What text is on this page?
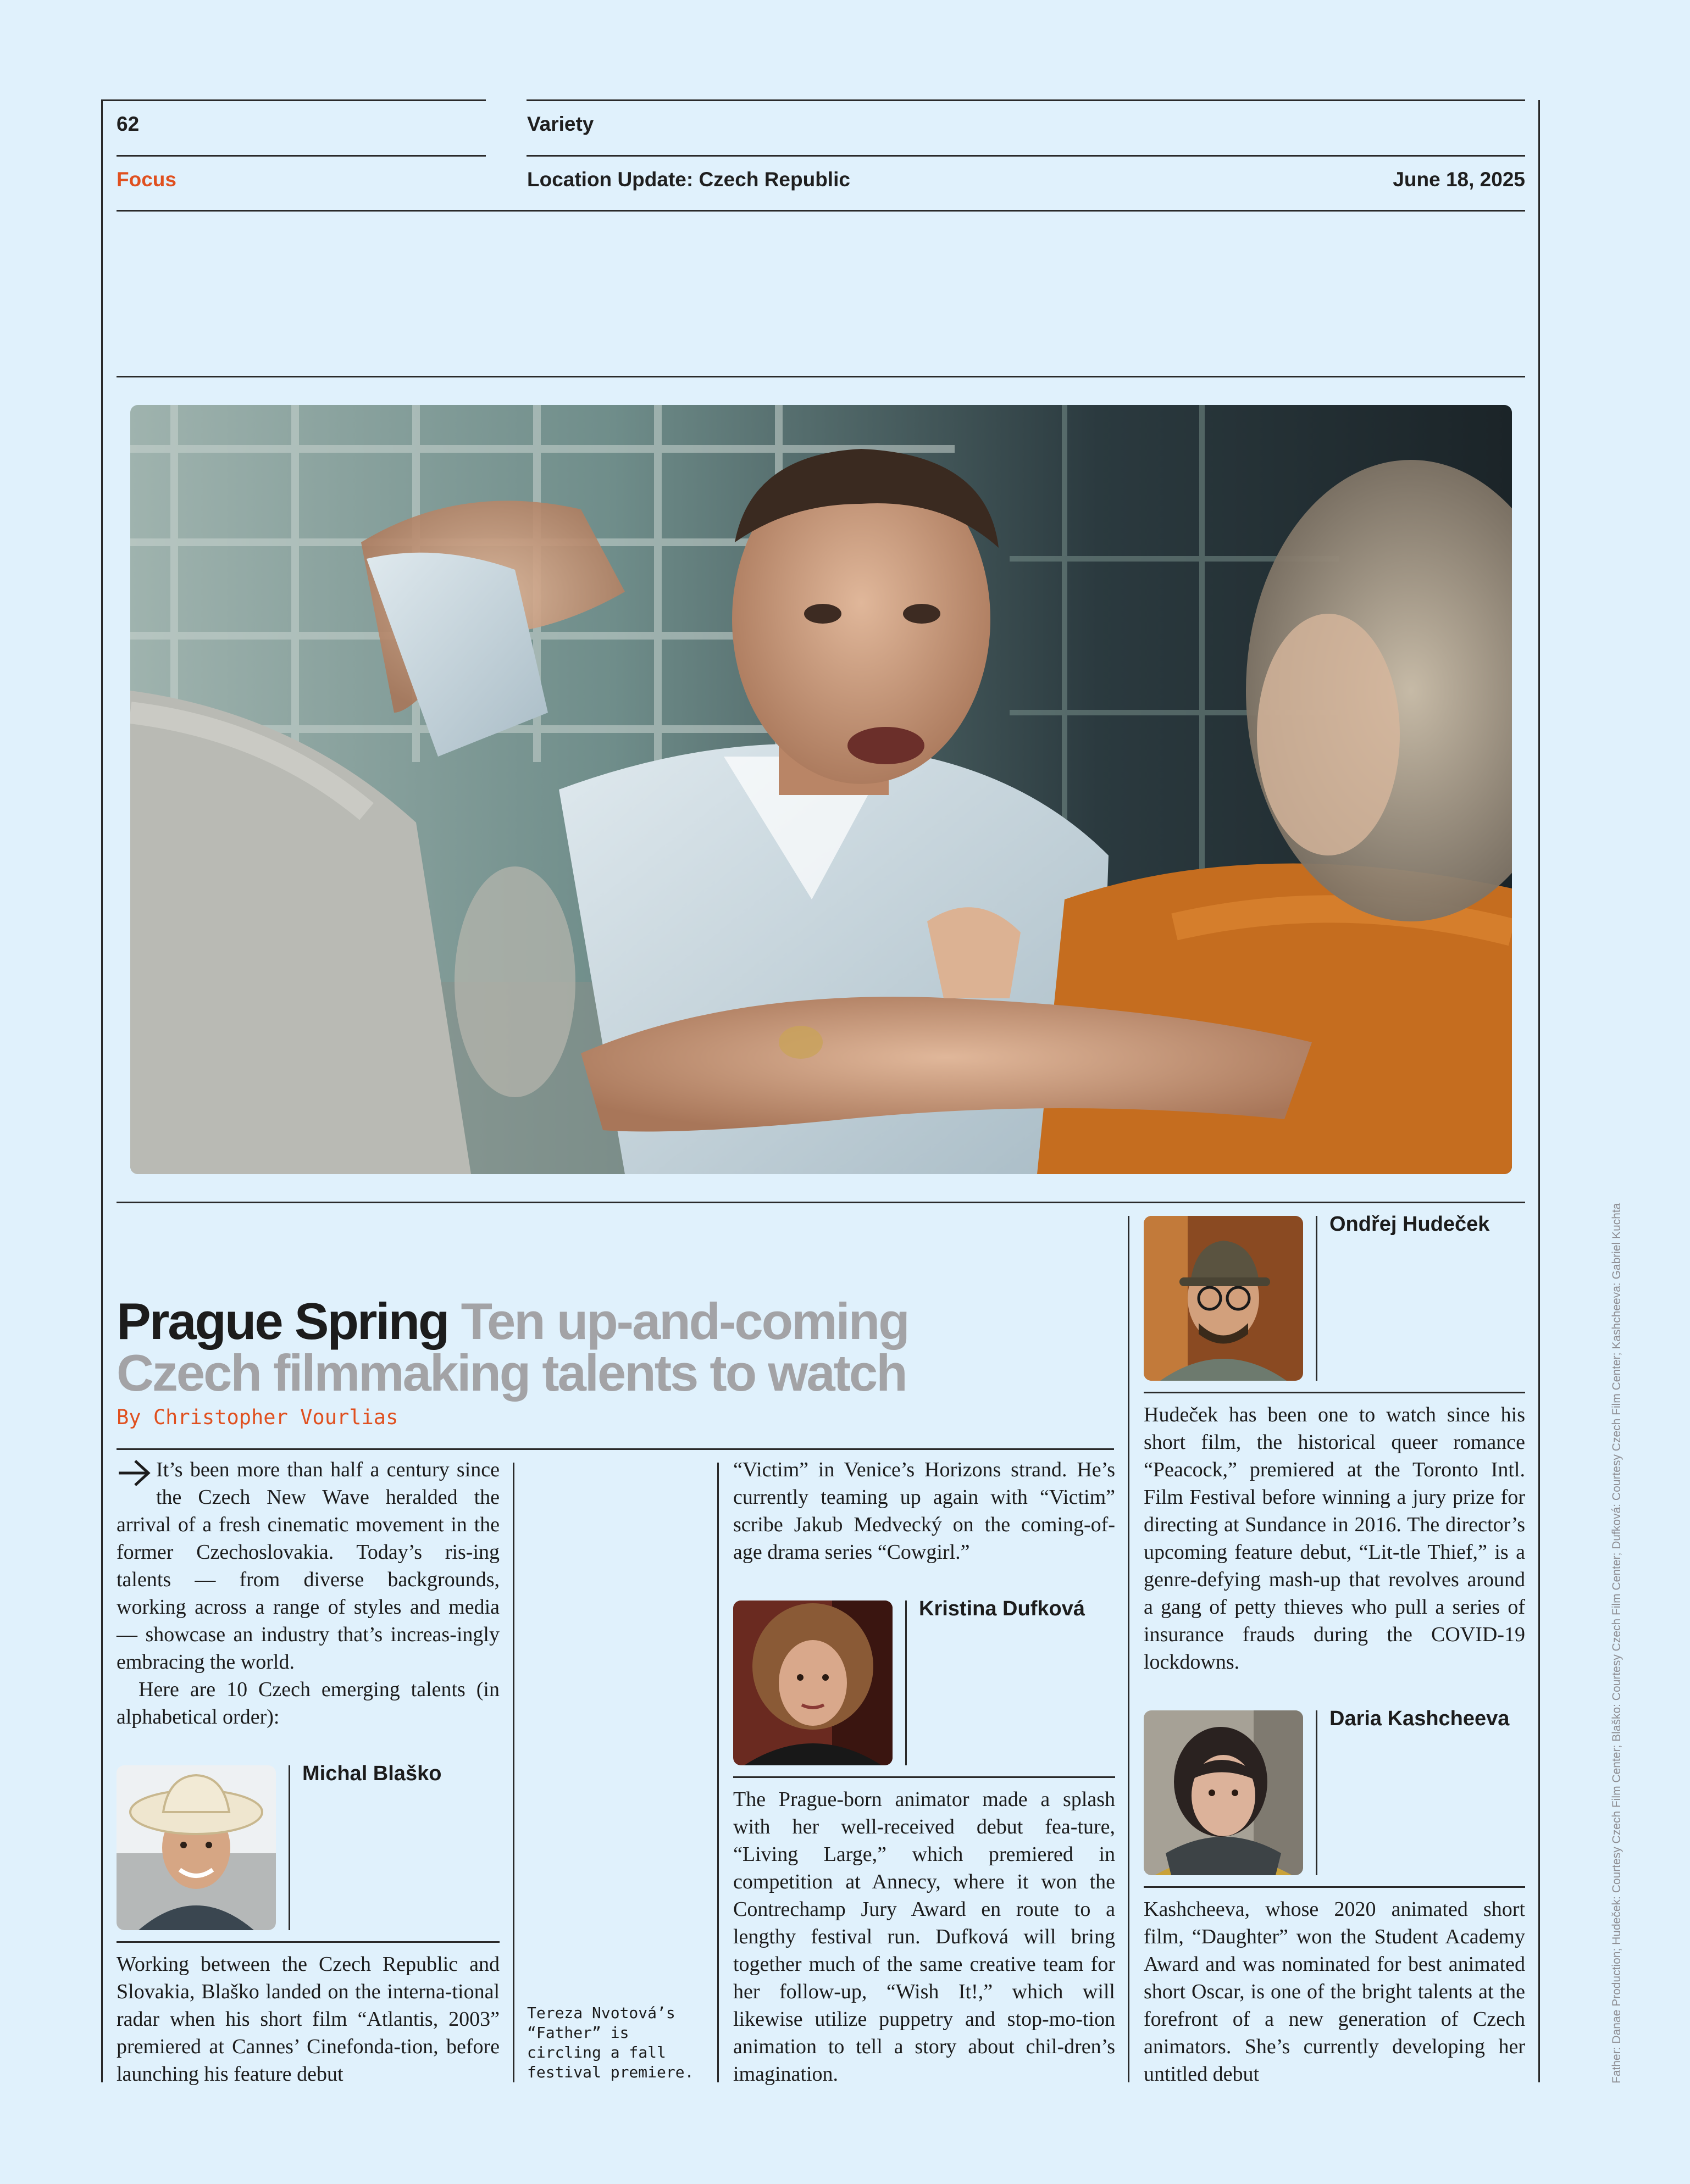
62	Variety
Focus	Location Update: Czech Republic	June 18, 2025
Prague Spring Ten up-and-coming
Czech filmmaking talents to watch
By Christopher Vourlias

It’s been more than half a century since the Czech New Wave heralded the arrival of a fresh cinematic movement in the former Czechoslovakia. Today’s ris-ing talents — from diverse backgrounds, working across a range of styles and media — showcase an industry that’s increas-ingly embracing the world.

Here are 10 Czech emerging talents (in alphabetical order):

Michal Blaško
Working between the Czech Republic and Slovakia, Blaško landed on the interna-tional radar when his short film “Atlantis, 2003” premiered at Cannes’ Cinefonda-tion, before launching his feature debut
Tereza Nvotová’s “Father” is circling a fall festival premiere.
“Victim” in Venice’s Horizons strand. He’s currently teaming up again with “Victim” scribe Jakub Medvecký on the coming-of-age drama series “Cowgirl.”
Kristina Dufková
The Prague-born animator made a splash with her well-received debut fea-ture, “Living Large,” which premiered in competition at Annecy, where it won the Contrechamp Jury Award en route to a lengthy festival run. Dufková will bring together much of the same creative team for her follow-up, “Wish It!,” which will likewise utilize puppetry and stop-mo-tion animation to tell a story about chil-dren’s imagination.
Ondřej Hudeček
Hudeček has been one to watch since his short film, the historical queer romance “Peacock,” premiered at the Toronto Intl. Film Festival before winning a jury prize for directing at Sundance in 2016. The director’s upcoming feature debut, “Lit-tle Thief,” is a genre-defying mash-up that revolves around a gang of petty thieves who pull a series of insurance frauds during the COVID-19 lockdowns.
Daria Kashcheeva
Kashcheeva, whose 2020 animated short film, “Daughter” won the Student Academy Award and was nominated for best animated short Oscar, is one of the bright talents at the forefront of a new generation of Czech animators. She’s currently developing her untitled debut	Father: Danae Production; Hudeček: Courtesy Czech Film Center; Blaško: Courtesy Czech Film Center; Dufková: Courtesy Czech Film Center; Kashcheeva: Gabriel Kuchta
